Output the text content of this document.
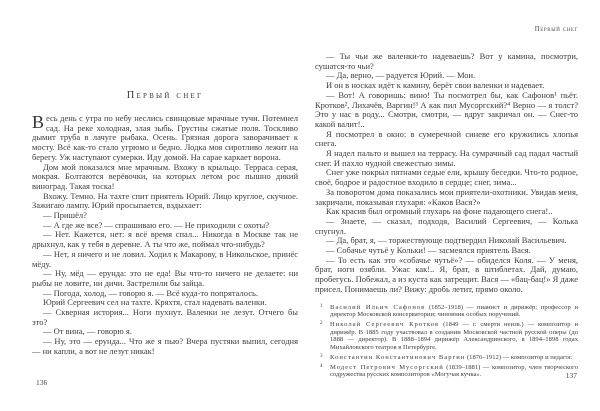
Первый снег

Весь день с утра по небу неслись свинцовые мрачные тучи. Потемнел сад. На реке холодная, злая зыбь. Грустны сжатые поля. Тоскливо дымит труба в лачуге рыбака. Осень. Грязная дорога заворачивает к мосту. Всё как-то стало угрюмо и бедно. Лодка моя сиротливо лежит на берегу. Уж наступают сумерки. Иду домой. На сарае каркает ворона.

Дом мой показался мне мрачным. Вхожу в крыльцо. Терраса серая, мокрая. Болтаются верёвочки, на которых летом рос пышно дикий виноград. Такая тоска!

Вхожу. Темно. На тахте спит приятель Юрий. Лицо круглое, скучное. Зажигаю лампу. Юрий просыпается, вздыхает:

— Пришёл?

— А где же все? — спрашиваю его. — Не приходили с охоты?

— Нет. Кажется, нет: я всё время спал... Никогда в Москве так не дрыхнул, как у тебя в деревне. А ты что же, поймал что-нибудь?

— Нет, я ничего и не ловил. Ходил к Макарову, в Никольское, принёс мёду.

— Ну, мёд — ерунда: это не еда! Вы что-то ничего не делаете: ни рыбы не ловите, ни дичи. Застрелили бы зайца.

— Погода, холод, — говорю я. — Всё куда-то попряталось.

Юрий Сергеевич сел на тахте. Кряхтя, стал надевать валенки.

— Скверная история... Ноги пухнут. Валенки не лезут. Отчего бы это?

— От вина, — говорю я.

— Ну, это — ерунда... Что же я пью? Вчера пустяки выпил, сегодня — ни капли, а вот не лезут никак!

Первый снег

— Ты чьи же валенки-то надеваешь? Вот у камина, посмотри, сушатся-то чьи?

— Да, верно, — радуется Юрий. — Мои.

И он в носках идёт к камину, берёт свои валенки и надевает.

— Вот! А говоришь: вино! Ты посмотрел бы, как Сафонов¹ пьёт. Кротков², Лихачёв, Варгин!³ А как пил Мусоргский?⁴ Верно — я толст? Это у нас в роду... Смотри, смотри, — вдруг закричал он. — Снег-то какой валит!..

Я посмотрел в окно: в сумеречной синеве его кружились хлопья снега.

Я надел пальто и вышел на террасу. На сумрачный сад падал частый снег. И пахло чудной свежестью зимы.

Снег уже покрыл пятнами седые ели, крышу беседки. Что-то родное, своё, бодрое и радостное входило в сердце; снег, зима...

За поворотом дома показались мои приятели-охотники. Увидав меня, закричали, показывая глухаря: «Каков Вася?»

Как красив был огромный глухарь на фоне падающего снега!..

— Знаете, — сказал, подходя, Василий Сергеевич, — Колька спугнул.

— Да, брат, я, — торжествующе подтвердил Николай Васильевич.

— Собачье чутьё у Кольки! — засмеялся приятель Вася.

— То есть как это «собачье чутьё»? — обиделся Коля. — У меня, брат, ноги озябли. Ужас как!.. Я, брат, в штиблетах. Дай, думаю, пробегусь. Побежал, а из куста как затрещит. Вася — «бац-бац!» Я даже присел. Понимаешь ли? Вижу: дробь летит, прямо около.

1 Василий Ильич Сафонов (1852–1918) — пианист и дирижёр; профессор и директор Московской консерватории; чиновник особых поручений.
2 Николай Сергеевич Кротков (1849 — г. смерти неизв.) — композитор и дирижёр. В 1885 году участвовал в создании Московской частной русской оперы (до 1888 — директор). В 1888–1894 дирижёр Александринского, в 1894–1898 годах Михайловского театров в Петербурге.
3 Константин Константинович Варгин (1876–1912) — композитор и педагог.
4 Модест Петрович Мусоргский (1839–1881) — композитор, член творческого содружества русских композиторов «Могучая кучка».
136
137
